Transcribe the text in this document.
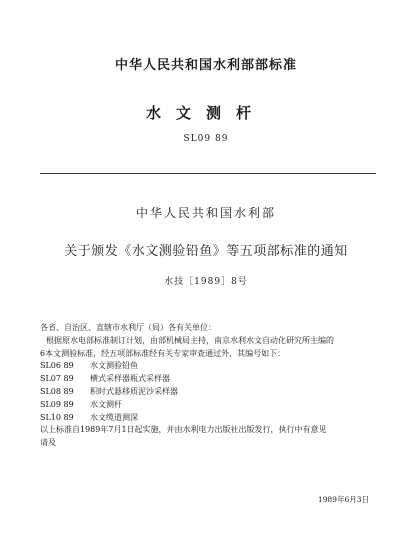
中华人民共和国水利部部标准
水文测杆
SL09 89
中华人民共和国水利部
关于颁发《水文测验铅鱼》等五项部标准的通知
水技［1989］8号
各省、自治区、直辖市水利厅（局）各有关单位：
根据原水电部标准制订计划，由部机械局主持，南京水利水文自动化研究所主编的
6本文测验标准，经五项部标准经有关专家审查通过外，其编号如下：
SL06 89 水文测验铅鱼
SL07 89 横式采样器瓶式采样器
SL08 89 积时式悬移质泥沙采样器
SL09 89 水文测杆
SL10 89 水文缆道测深
以上标准自1989年7月1日起实施，并由水利电力出版社出版发行，执行中有意见
请及
1989年6月3日
